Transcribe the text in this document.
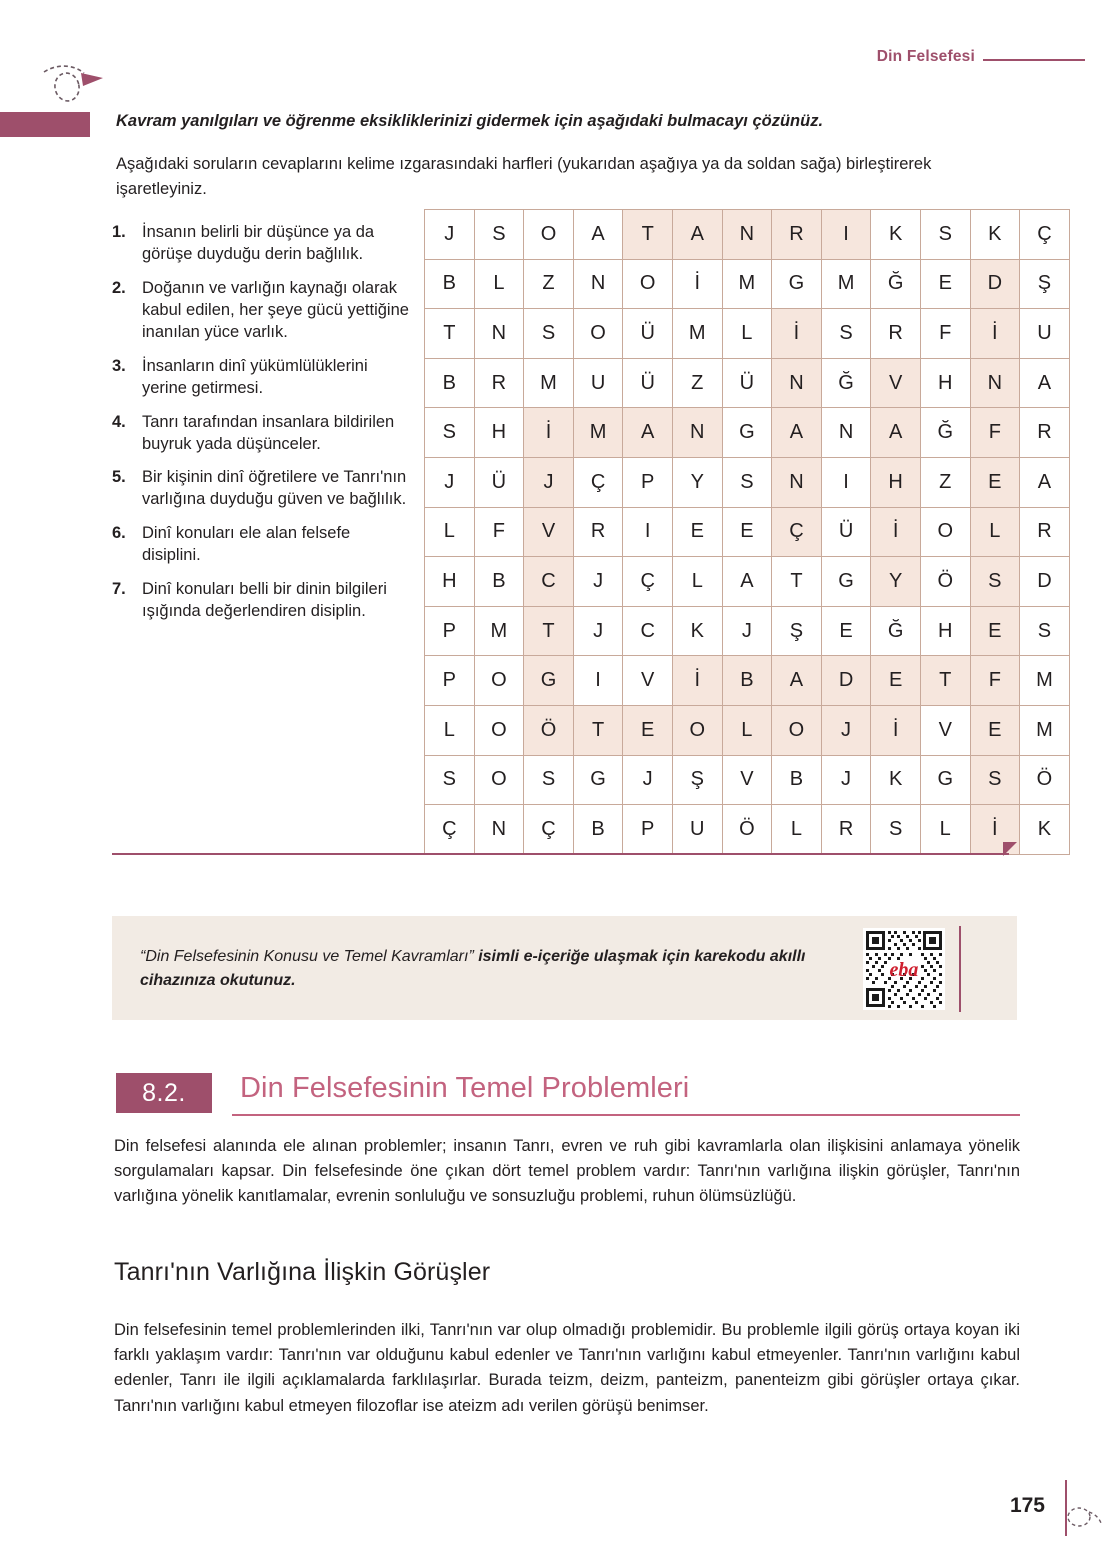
Din Felsefesi
Kavram yanılgıları ve öğrenme eksikliklerinizi gidermek için aşağıdaki bulmacayı çözünüz.
Aşağıdaki soruların cevaplarını kelime ızgarasındaki harfleri (yukarıdan aşağıya ya da soldan sağa) birleştirerek işaretleyiniz.
1. İnsanın belirli bir düşünce ya da görüşe duyduğu derin bağlılık.
2. Doğanın ve varlığın kaynağı olarak kabul edilen, her şeye gücü yettiğine inanılan yüce varlık.
3. İnsanların dinî yükümlülüklerini yerine getirmesi.
4. Tanrı tarafından insanlara bildirilen buyruk yada düşünceler.
5. Bir kişinin dinî öğretilere ve Tanrı'nın varlığına duyduğu güven ve bağlılık.
6. Dinî konuları ele alan felsefe disiplini.
7. Dinî konuları belli bir dinin bilgileri ışığında değerlendiren disiplin.
J	S	O	A	T	A	N	R	I	K	S	K	Ç
B	L	Z	N	O	İ	M	G	M	Ğ	E	D	Ş
T	N	S	O	Ü	M	L	İ	S	R	F	İ	U
B	R	M	U	Ü	Z	Ü	N	Ğ	V	H	N	A
S	H	İ	M	A	N	G	A	N	A	Ğ	F	R
J	Ü	J	Ç	P	Y	S	N	I	H	Z	E	A
L	F	V	R	I	E	E	Ç	Ü	İ	O	L	R
H	B	C	J	Ç	L	A	T	G	Y	Ö	S	D
P	M	T	J	C	K	J	Ş	E	Ğ	H	E	S
P	O	G	I	V	İ	B	A	D	E	T	F	M
L	O	Ö	T	E	O	L	O	J	İ	V	E	M
S	O	S	G	J	Ş	V	B	J	K	G	S	Ö
Ç	N	Ç	B	P	U	Ö	L	R	S	L	İ	K
“Din Felsefesinin Konusu ve Temel Kavramları” isimli e-içeriğe ulaşmak için karekodu akıllı cihazınıza okutunuz.	eba
8.2.	Din Felsefesinin Temel Problemleri
Din felsefesi alanında ele alınan problemler; insanın Tanrı, evren ve ruh gibi kavramlarla olan ilişkisini anlamaya yönelik sorgulamaları kapsar. Din felsefesinde öne çıkan dört temel problem vardır: Tanrı'nın varlığına ilişkin görüşler, Tanrı'nın varlığına yönelik kanıtlamalar, evrenin sonluluğu ve sonsuzluğu problemi, ruhun ölümsüzlüğü.
Tanrı'nın Varlığına İlişkin Görüşler
Din felsefesinin temel problemlerinden ilki, Tanrı'nın var olup olmadığı problemidir. Bu problemle ilgili görüş ortaya koyan iki farklı yaklaşım vardır: Tanrı'nın var olduğunu kabul edenler ve Tanrı'nın varlığını kabul etmeyenler. Tanrı'nın varlığını kabul edenler, Tanrı ile ilgili açıklamalarda farklılaşırlar. Burada teizm, deizm, panteizm, panenteizm gibi görüşler ortaya çıkar. Tanrı'nın varlığını kabul etmeyen filozoflar ise ateizm adı verilen görüşü benimser.
175
